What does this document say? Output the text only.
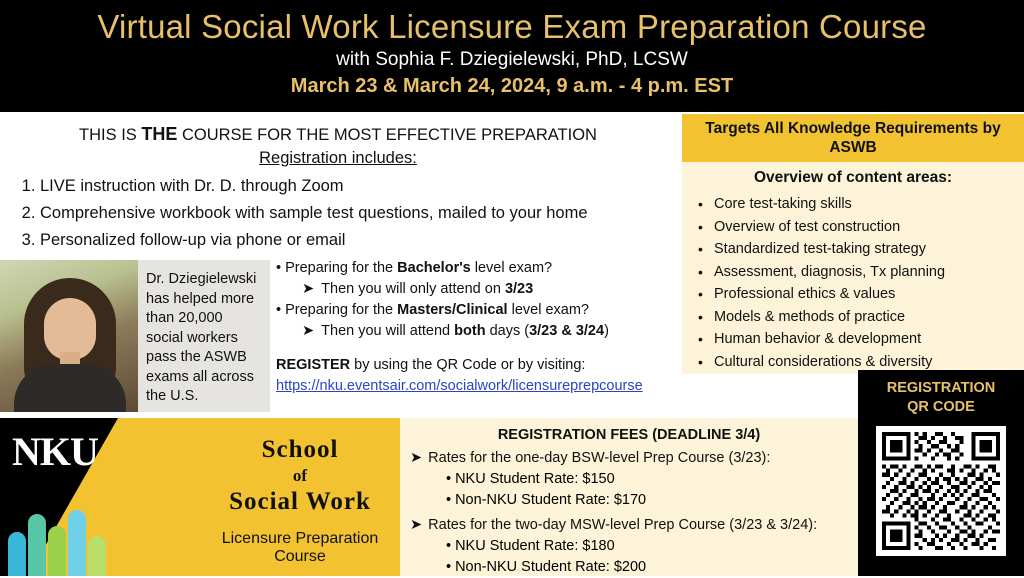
Virtual Social Work Licensure Exam Preparation Course
with Sophia F. Dziegielewski, PhD, LCSW
March 23 & March 24, 2024, 9 a.m. - 4 p.m. EST
THIS IS THE COURSE FOR THE MOST EFFECTIVE PREPARATION
Registration includes:
1. LIVE instruction with Dr. D. through Zoom
2. Comprehensive workbook with sample test questions, mailed to your home
3. Personalized follow-up via phone or email
Dr. Dziegielewski has helped more than 20,000 social workers pass the ASWB exams all across the U.S.
• Preparing for the Bachelor's level exam?
➤ Then you will only attend on 3/23
• Preparing for the Masters/Clinical level exam?
➤ Then you will attend both days (3/23 & 3/24)
REGISTER by using the QR Code or by visiting:
https://nku.eventsair.com/socialwork/licensureprepcourse
Targets All Knowledge Requirements by ASWB
Overview of content areas:
• Core test-taking skills
• Overview of test construction
• Standardized test-taking strategy
• Assessment, diagnosis, Tx planning
• Professional ethics & values
• Models & methods of practice
• Human behavior & development
• Cultural considerations & diversity
REGISTRATION
QR CODE
NKU	School
of
Social Work
Licensure Preparation Course
REGISTRATION FEES (DEADLINE 3/4)
➤ Rates for the one-day BSW-level Prep Course (3/23):
• NKU Student Rate: $150
• Non-NKU Student Rate: $170
➤ Rates for the two-day MSW-level Prep Course (3/23 & 3/24):
• NKU Student Rate: $180
• Non-NKU Student Rate: $200
